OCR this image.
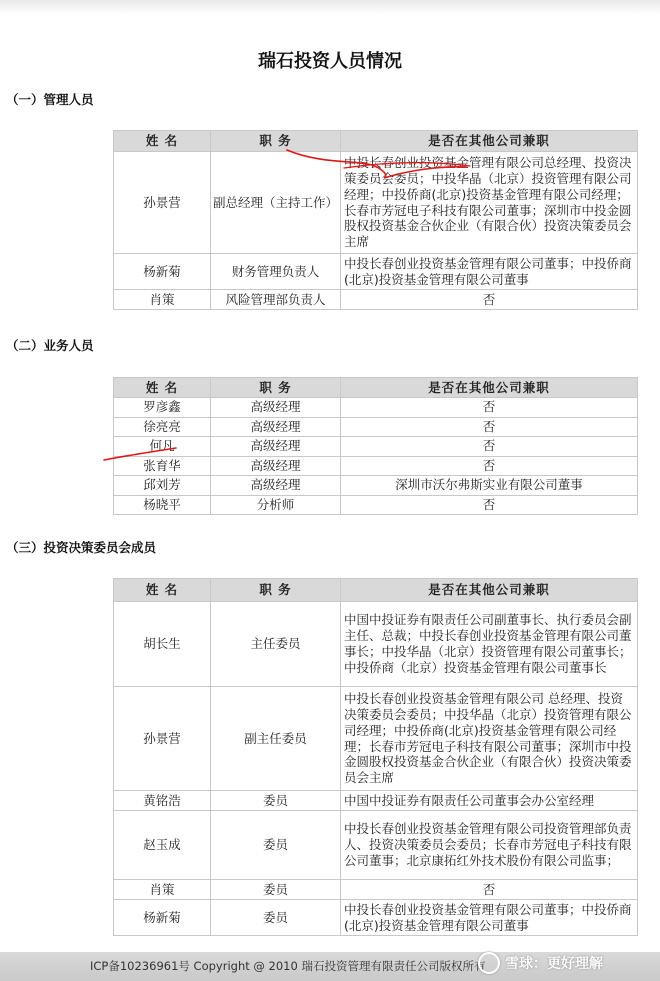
瑞石投资人员情况
（一）管理人员
姓 名	职 务	是否在其他公司兼职
孙景营	副总经理（主持工作）	中投长春创业投资基金管理有限公司总经理、投资决策委员会委员；中投华晶（北京）投资管理有限公司经理；中投侨商(北京)投资基金管理有限公司经理；长春市芳冠电子科技有限公司董事；深圳市中投金圆股权投资基金合伙企业（有限合伙）投资决策委员会主席
杨新菊	财务管理负责人	中投长春创业投资基金管理有限公司董事；中投侨商(北京)投资基金管理有限公司董事
肖策	风险管理部负责人	否
（二）业务人员
姓 名	职 务	是否在其他公司兼职
罗彦鑫	高级经理	否
徐亮亮	高级经理	否
何凡	高级经理	否
张育华	高级经理	否
邱刘芳	高级经理	深圳市沃尔弗斯实业有限公司董事
杨晓平	分析师	否
（三）投资决策委员会成员
姓 名	职 务	是否在其他公司兼职
胡长生	主任委员	中国中投证券有限责任公司副董事长、执行委员会副主任、总裁；中投长春创业投资基金管理有限公司董事长；中投华晶（北京）投资管理有限公司董事长；中投侨商（北京）投资基金管理有限公司董事长
孙景营	副主任委员	中投长春创业投资基金管理有限公司 总经理、投资决策委员会委员；中投华晶（北京）投资管理有限公司经理；中投侨商(北京)投资基金管理有限公司经理；长春市芳冠电子科技有限公司董事；深圳市中投金圆股权投资基金合伙企业（有限合伙）投资决策委员会主席
黄铭浩	委员	中国中投证券有限责任公司董事会办公室经理
赵玉成	委员	中投长春创业投资基金管理有限公司投资管理部负责人、投资决策委员会委员；长春市芳冠电子科技有限公司董事；北京康拓红外技术股份有限公司监事；
肖策	委员	否
杨新菊	委员	中投长春创业投资基金管理有限公司董事；中投侨商(北京)投资基金管理有限公司董事
ICP备10236961号 Copyright @ 2010 瑞石投资管理有限责任公司版权所有 雪球：更好理解
